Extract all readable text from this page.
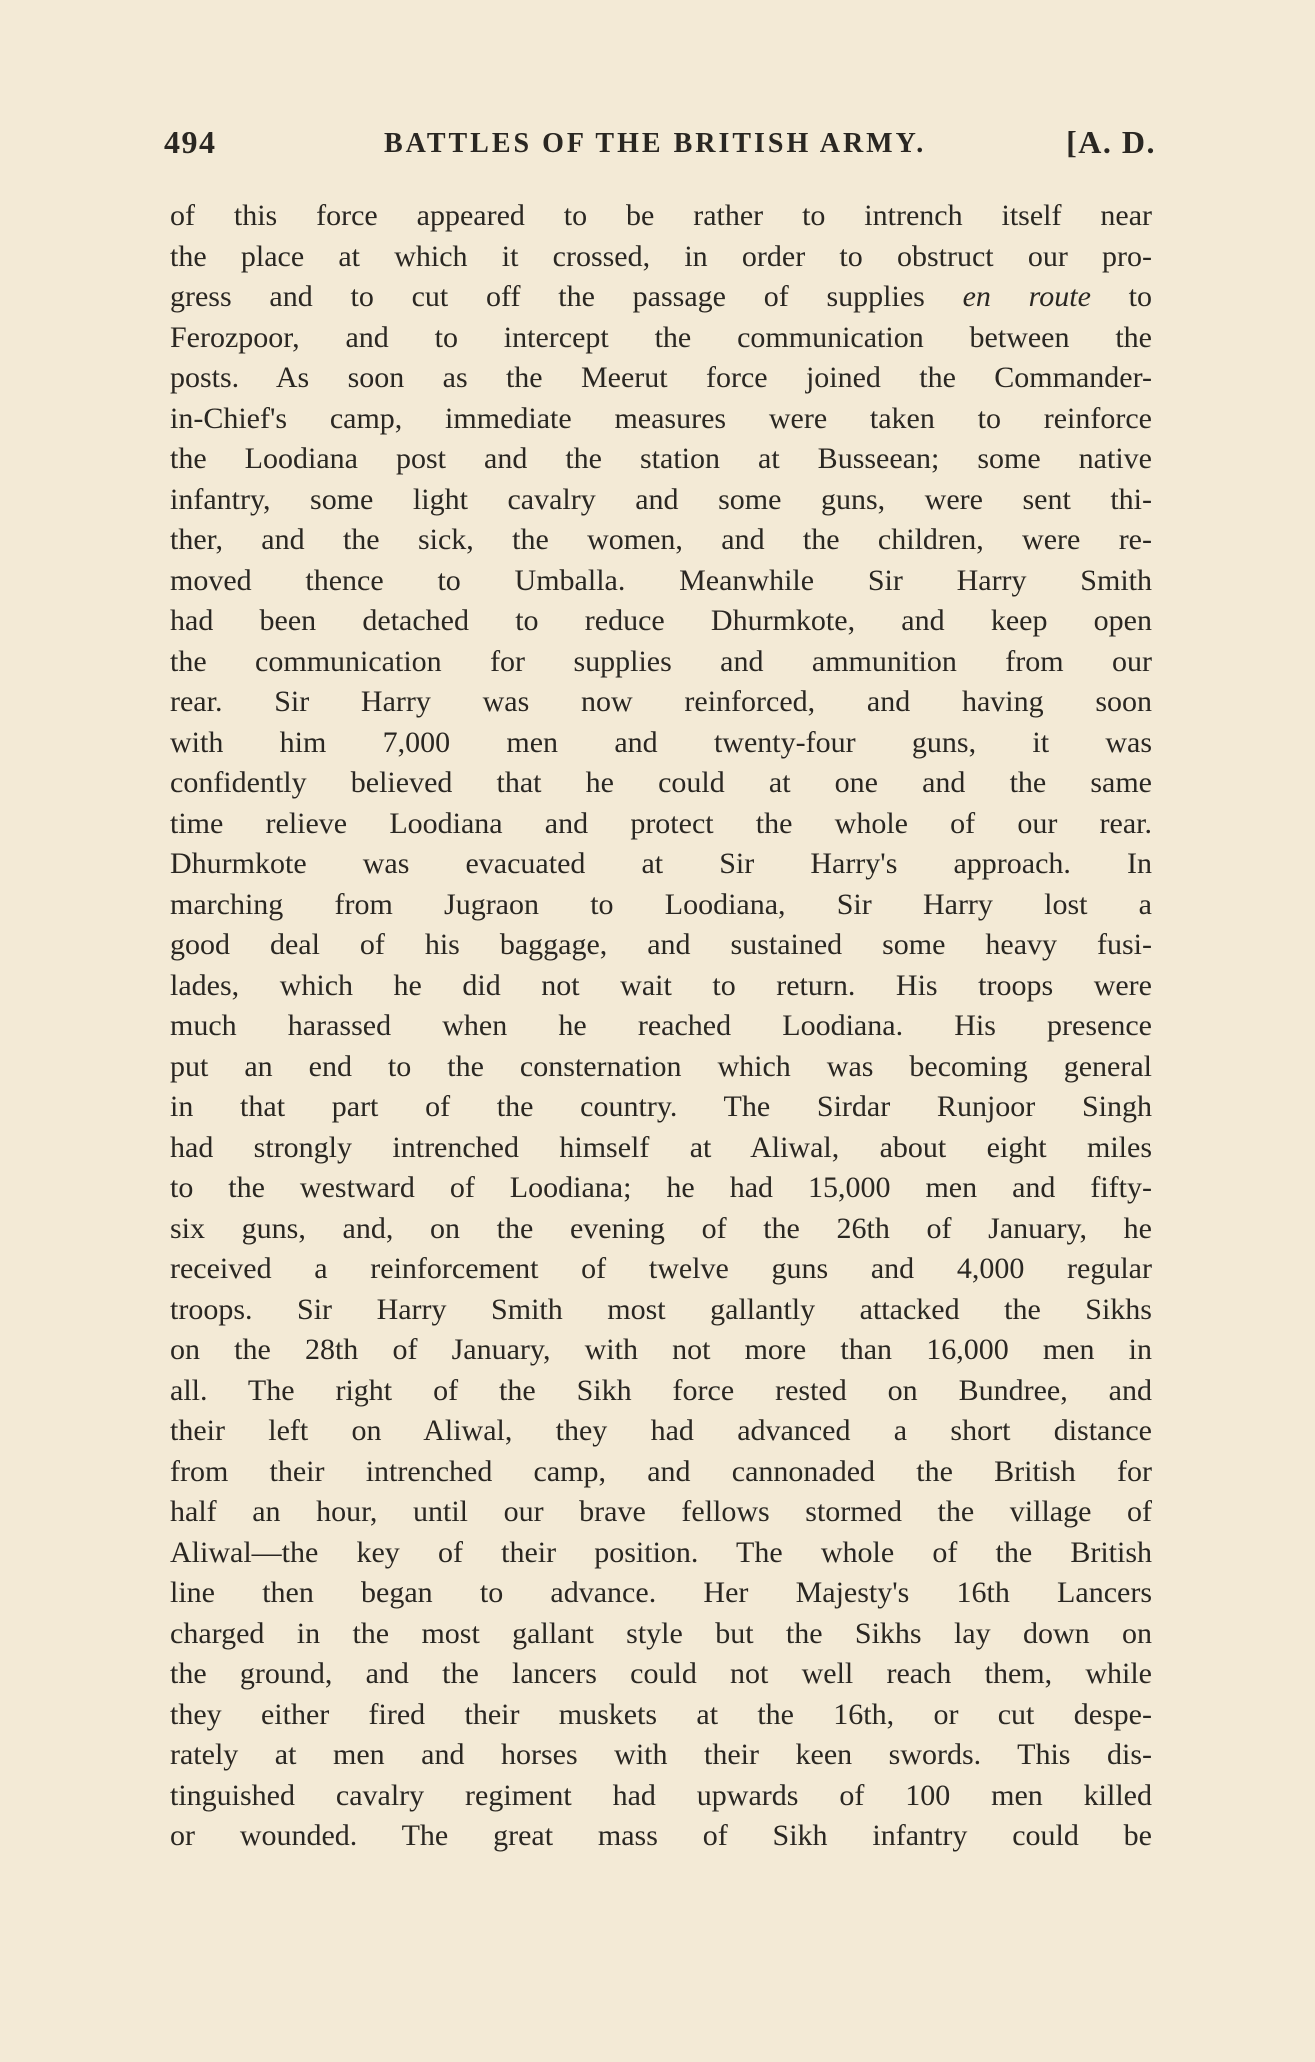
494	BATTLES OF THE BRITISH ARMY.	[A. D.
of this force appeared to be rather to intrench itself near
the place at which it crossed, in order to obstruct our pro-
gress and to cut off the passage of supplies en route to
Ferozpoor, and to intercept the communication between the
posts. As soon as the Meerut force joined the Commander-
in-Chief's camp, immediate measures were taken to reinforce
the Loodiana post and the station at Busseean; some native
infantry, some light cavalry and some guns, were sent thi-
ther, and the sick, the women, and the children, were re-
moved thence to Umballa. Meanwhile Sir Harry Smith
had been detached to reduce Dhurmkote, and keep open
the communication for supplies and ammunition from our
rear. Sir Harry was now reinforced, and having soon
with him 7,000 men and twenty-four guns, it was
confidently believed that he could at one and the same
time relieve Loodiana and protect the whole of our rear.
Dhurmkote was evacuated at Sir Harry's approach. In
marching from Jugraon to Loodiana, Sir Harry lost a
good deal of his baggage, and sustained some heavy fusi-
lades, which he did not wait to return. His troops were
much harassed when he reached Loodiana. His presence
put an end to the consternation which was becoming general
in that part of the country. The Sirdar Runjoor Singh
had strongly intrenched himself at Aliwal, about eight miles
to the westward of Loodiana; he had 15,000 men and fifty-
six guns, and, on the evening of the 26th of January, he
received a reinforcement of twelve guns and 4,000 regular
troops. Sir Harry Smith most gallantly attacked the Sikhs
on the 28th of January, with not more than 16,000 men in
all. The right of the Sikh force rested on Bundree, and
their left on Aliwal, they had advanced a short distance
from their intrenched camp, and cannonaded the British for
half an hour, until our brave fellows stormed the village of
Aliwal—the key of their position. The whole of the British
line then began to advance. Her Majesty's 16th Lancers
charged in the most gallant style but the Sikhs lay down on
the ground, and the lancers could not well reach them, while
they either fired their muskets at the 16th, or cut despe-
rately at men and horses with their keen swords. This dis-
tinguished cavalry regiment had upwards of 100 men killed
or wounded. The great mass of Sikh infantry could be
